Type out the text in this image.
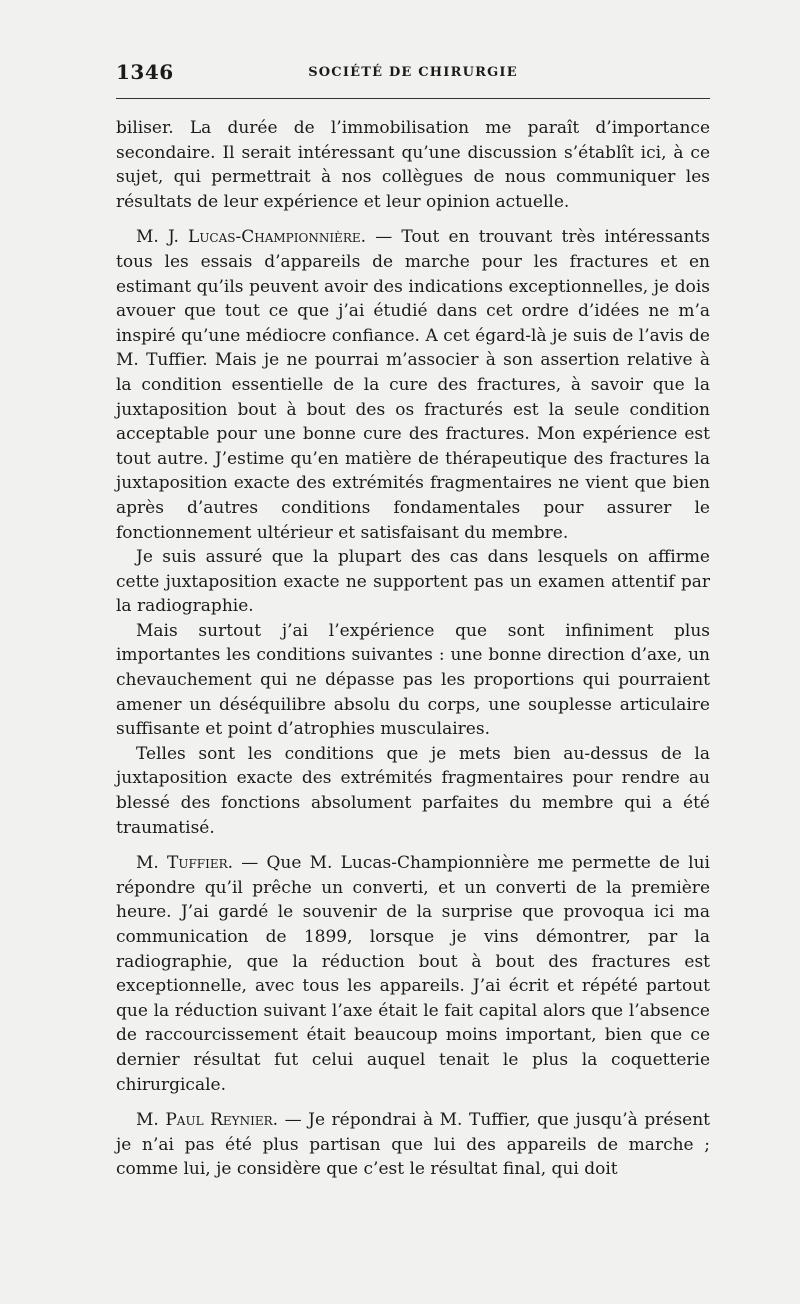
1346	SOCIÉTÉ DE CHIRURGIE

biliser. La durée de l’immobilisation me paraît d’importance secondaire. Il serait intéressant qu’une discussion s’établît ici, à ce sujet, qui permettrait à nos collègues de nous communiquer les résultats de leur expérience et leur opinion actuelle.

M. J. Lucas-Championnière. — Tout en trouvant très intéressants tous les essais d’appareils de marche pour les fractures et en estimant qu’ils peuvent avoir des indications exceptionnelles, je dois avouer que tout ce que j’ai étudié dans cet ordre d’idées ne m’a inspiré qu’une médiocre confiance. A cet égard-là je suis de l’avis de M. Tuffier. Mais je ne pourrai m’associer à son assertion relative à la condition essentielle de la cure des fractures, à savoir que la juxtaposition bout à bout des os fracturés est la seule condition acceptable pour une bonne cure des fractures. Mon expérience est tout autre. J’estime qu’en matière de thérapeutique des fractures la juxtaposition exacte des extrémités fragmentaires ne vient que bien après d’autres conditions fondamentales pour assurer le fonctionnement ultérieur et satisfaisant du membre.

Je suis assuré que la plupart des cas dans lesquels on affirme cette juxtaposition exacte ne supportent pas un examen attentif par la radiographie.

Mais surtout j’ai l’expérience que sont infiniment plus importantes les conditions suivantes : une bonne direction d’axe, un chevauchement qui ne dépasse pas les proportions qui pourraient amener un déséquilibre absolu du corps, une souplesse articulaire suffisante et point d’atrophies musculaires.

Telles sont les conditions que je mets bien au-dessus de la juxtaposition exacte des extrémités fragmentaires pour rendre au blessé des fonctions absolument parfaites du membre qui a été traumatisé.

M. Tuffier. — Que M. Lucas-Championnière me permette de lui répondre qu’il prêche un converti, et un converti de la première heure. J’ai gardé le souvenir de la surprise que provoqua ici ma communication de 1899, lorsque je vins démontrer, par la radiographie, que la réduction bout à bout des fractures est exceptionnelle, avec tous les appareils. J’ai écrit et répété partout que la réduction suivant l’axe était le fait capital alors que l’absence de raccourcissement était beaucoup moins important, bien que ce dernier résultat fut celui auquel tenait le plus la coquetterie chirurgicale.

M. Paul Reynier. — Je répondrai à M. Tuffier, que jusqu’à présent je n’ai pas été plus partisan que lui des appareils de marche ; comme lui, je considère que c’est le résultat final, qui doit
